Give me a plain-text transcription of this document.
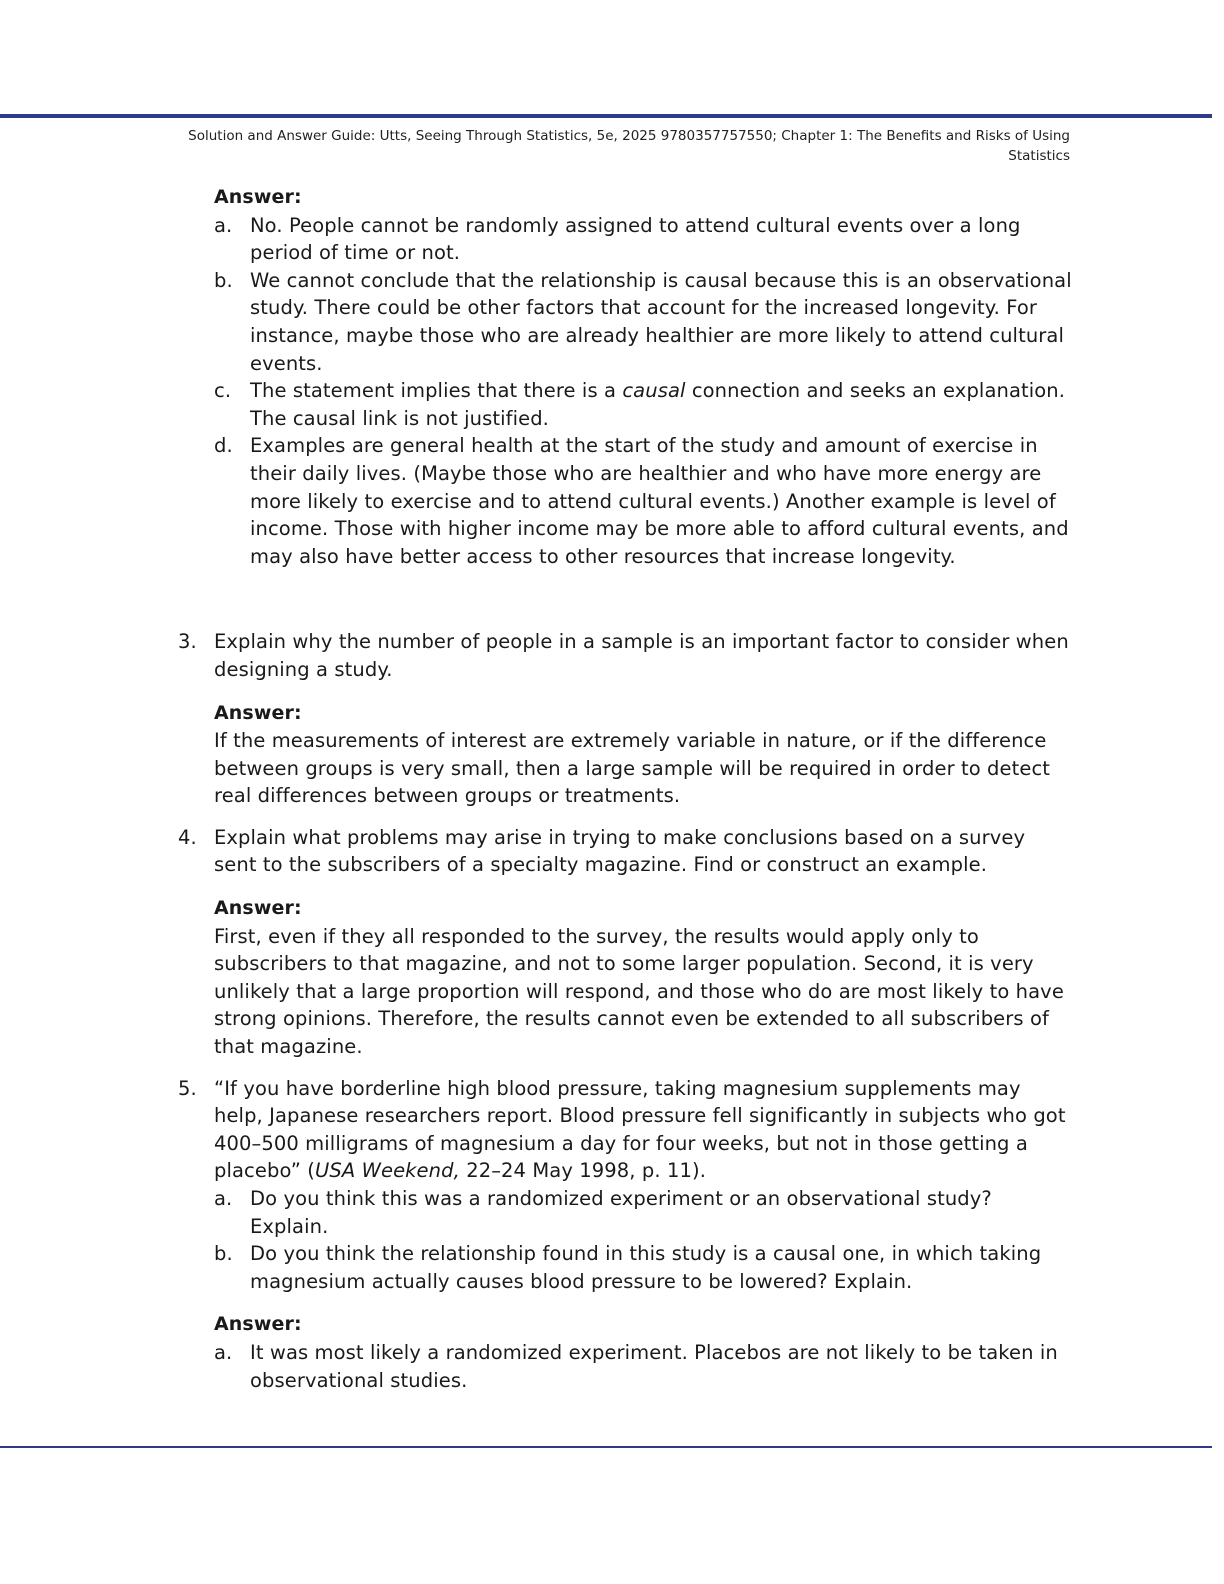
Solution and Answer Guide: Utts, Seeing Through Statistics, 5e, 2025 9780357757550; Chapter 1: The Benefits and Risks of Using
Statistics
Answer:
a. No. People cannot be randomly assigned to attend cultural events over a long period of time or not.
b. We cannot conclude that the relationship is causal because this is an observational study. There could be other factors that account for the increased longevity. For instance, maybe those who are already healthier are more likely to attend cultural events.
c. The statement implies that there is a causal connection and seeks an explanation. The causal link is not justified.
d. Examples are general health at the start of the study and amount of exercise in their daily lives. (Maybe those who are healthier and who have more energy are more likely to exercise and to attend cultural events.) Another example is level of income. Those with higher income may be more able to afford cultural events, and may also have better access to other resources that increase longevity.
3. Explain why the number of people in a sample is an important factor to consider when designing a study.
Answer:
If the measurements of interest are extremely variable in nature, or if the difference between groups is very small, then a large sample will be required in order to detect real differences between groups or treatments.
4. Explain what problems may arise in trying to make conclusions based on a survey sent to the subscribers of a specialty magazine. Find or construct an example.
Answer:
First, even if they all responded to the survey, the results would apply only to subscribers to that magazine, and not to some larger population. Second, it is very unlikely that a large proportion will respond, and those who do are most likely to have strong opinions. Therefore, the results cannot even be extended to all subscribers of that magazine.
5. “If you have borderline high blood pressure, taking magnesium supplements may help, Japanese researchers report. Blood pressure fell significantly in subjects who got 400–500 milligrams of magnesium a day for four weeks, but not in those getting a placebo” (USA Weekend, 22–24 May 1998, p. 11).
a. Do you think this was a randomized experiment or an observational study? Explain.
b. Do you think the relationship found in this study is a causal one, in which taking magnesium actually causes blood pressure to be lowered? Explain.
Answer:
a. It was most likely a randomized experiment. Placebos are not likely to be taken in observational studies.
